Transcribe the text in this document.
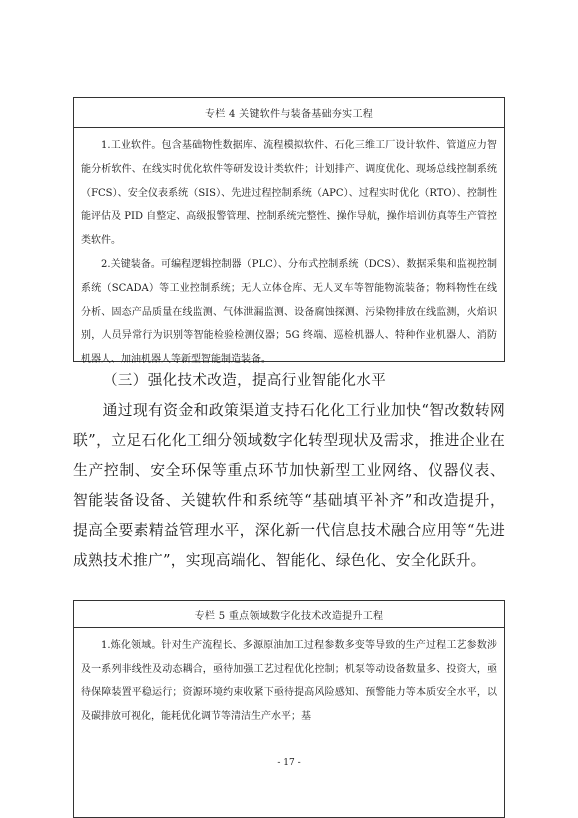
专栏 4 关键软件与装备基础夯实工程

1.工业软件。包含基础物性数据库、流程模拟软件、石化三维工厂设计软件、管道应力智能分析软件、在线实时优化软件等研发设计类软件；计划排产、调度优化、现场总线控制系统（FCS）、安全仪表系统（SIS）、先进过程控制系统（APC）、过程实时优化（RTO）、控制性能评估及 PID 自整定、高级报警管理、控制系统完整性、操作导航，操作培训仿真等生产管控类软件。

2.关键装备。可编程逻辑控制器（PLC）、分布式控制系统（DCS）、数据采集和监视控制系统（SCADA）等工业控制系统；无人立体仓库、无人叉车等智能物流装备；物料物性在线分析、固态产品质量在线监测、气体泄漏监测、设备腐蚀探测、污染物排放在线监测，火焰识别，人员异常行为识别等智能检验检测仪器；5G 终端、巡检机器人、特种作业机器人、消防机器人、加油机器人等新型智能制造装备。

（三）强化技术改造，提高行业智能化水平

通过现有资金和政策渠道支持石化化工行业加快“智改数转网联”，立足石化化工细分领域数字化转型现状及需求，推进企业在生产控制、安全环保等重点环节加快新型工业网络、仪器仪表、智能装备设备、关键软件和系统等“基础填平补齐”和改造提升，提高全要素精益管理水平，深化新一代信息技术融合应用等“先进成熟技术推广”，实现高端化、智能化、绿色化、安全化跃升。

专栏 5 重点领域数字化技术改造提升工程

1.炼化领域。针对生产流程长、多源原油加工过程参数多变等导致的生产过程工艺参数涉及一系列非线性及动态耦合，亟待加强工艺过程优化控制；机泵等动设备数量多、投资大，亟待保障装置平稳运行；资源环境约束收紧下亟待提高风险感知、预警能力等本质安全水平，以及碳排放可视化，能耗优化调节等清洁生产水平；基

- 17 -
